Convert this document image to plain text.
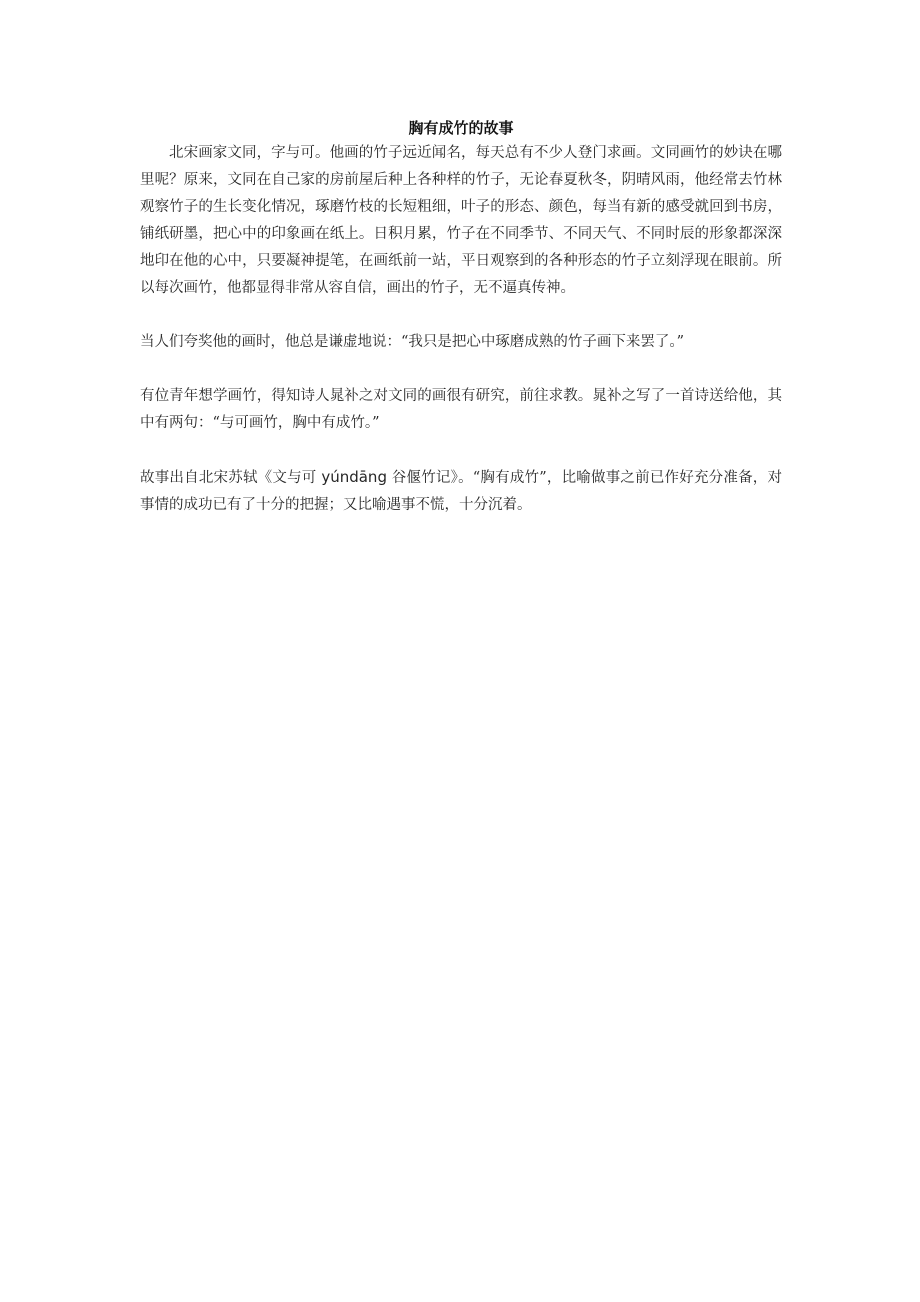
胸有成竹的故事

北宋画家文同，字与可。他画的竹子远近闻名，每天总有不少人登门求画。文同画竹的妙诀在哪里呢？原来，文同在自己家的房前屋后种上各种样的竹子，无论春夏秋冬，阴晴风雨，他经常去竹林观察竹子的生长变化情况，琢磨竹枝的长短粗细，叶子的形态、颜色，每当有新的感受就回到书房，铺纸研墨，把心中的印象画在纸上。日积月累，竹子在不同季节、不同天气、不同时辰的形象都深深地印在他的心中，只要凝神提笔，在画纸前一站，平日观察到的各种形态的竹子立刻浮现在眼前。所以每次画竹，他都显得非常从容自信，画出的竹子，无不逼真传神。

当人们夸奖他的画时，他总是谦虚地说：“我只是把心中琢磨成熟的竹子画下来罢了。”

有位青年想学画竹，得知诗人晁补之对文同的画很有研究，前往求教。晁补之写了一首诗送给他，其中有两句：“与可画竹，胸中有成竹。”

故事出自北宋苏轼《文与可 yúndāng 谷偃竹记》。“胸有成竹”，比喻做事之前已作好充分准备，对事情的成功已有了十分的把握；又比喻遇事不慌，十分沉着。
